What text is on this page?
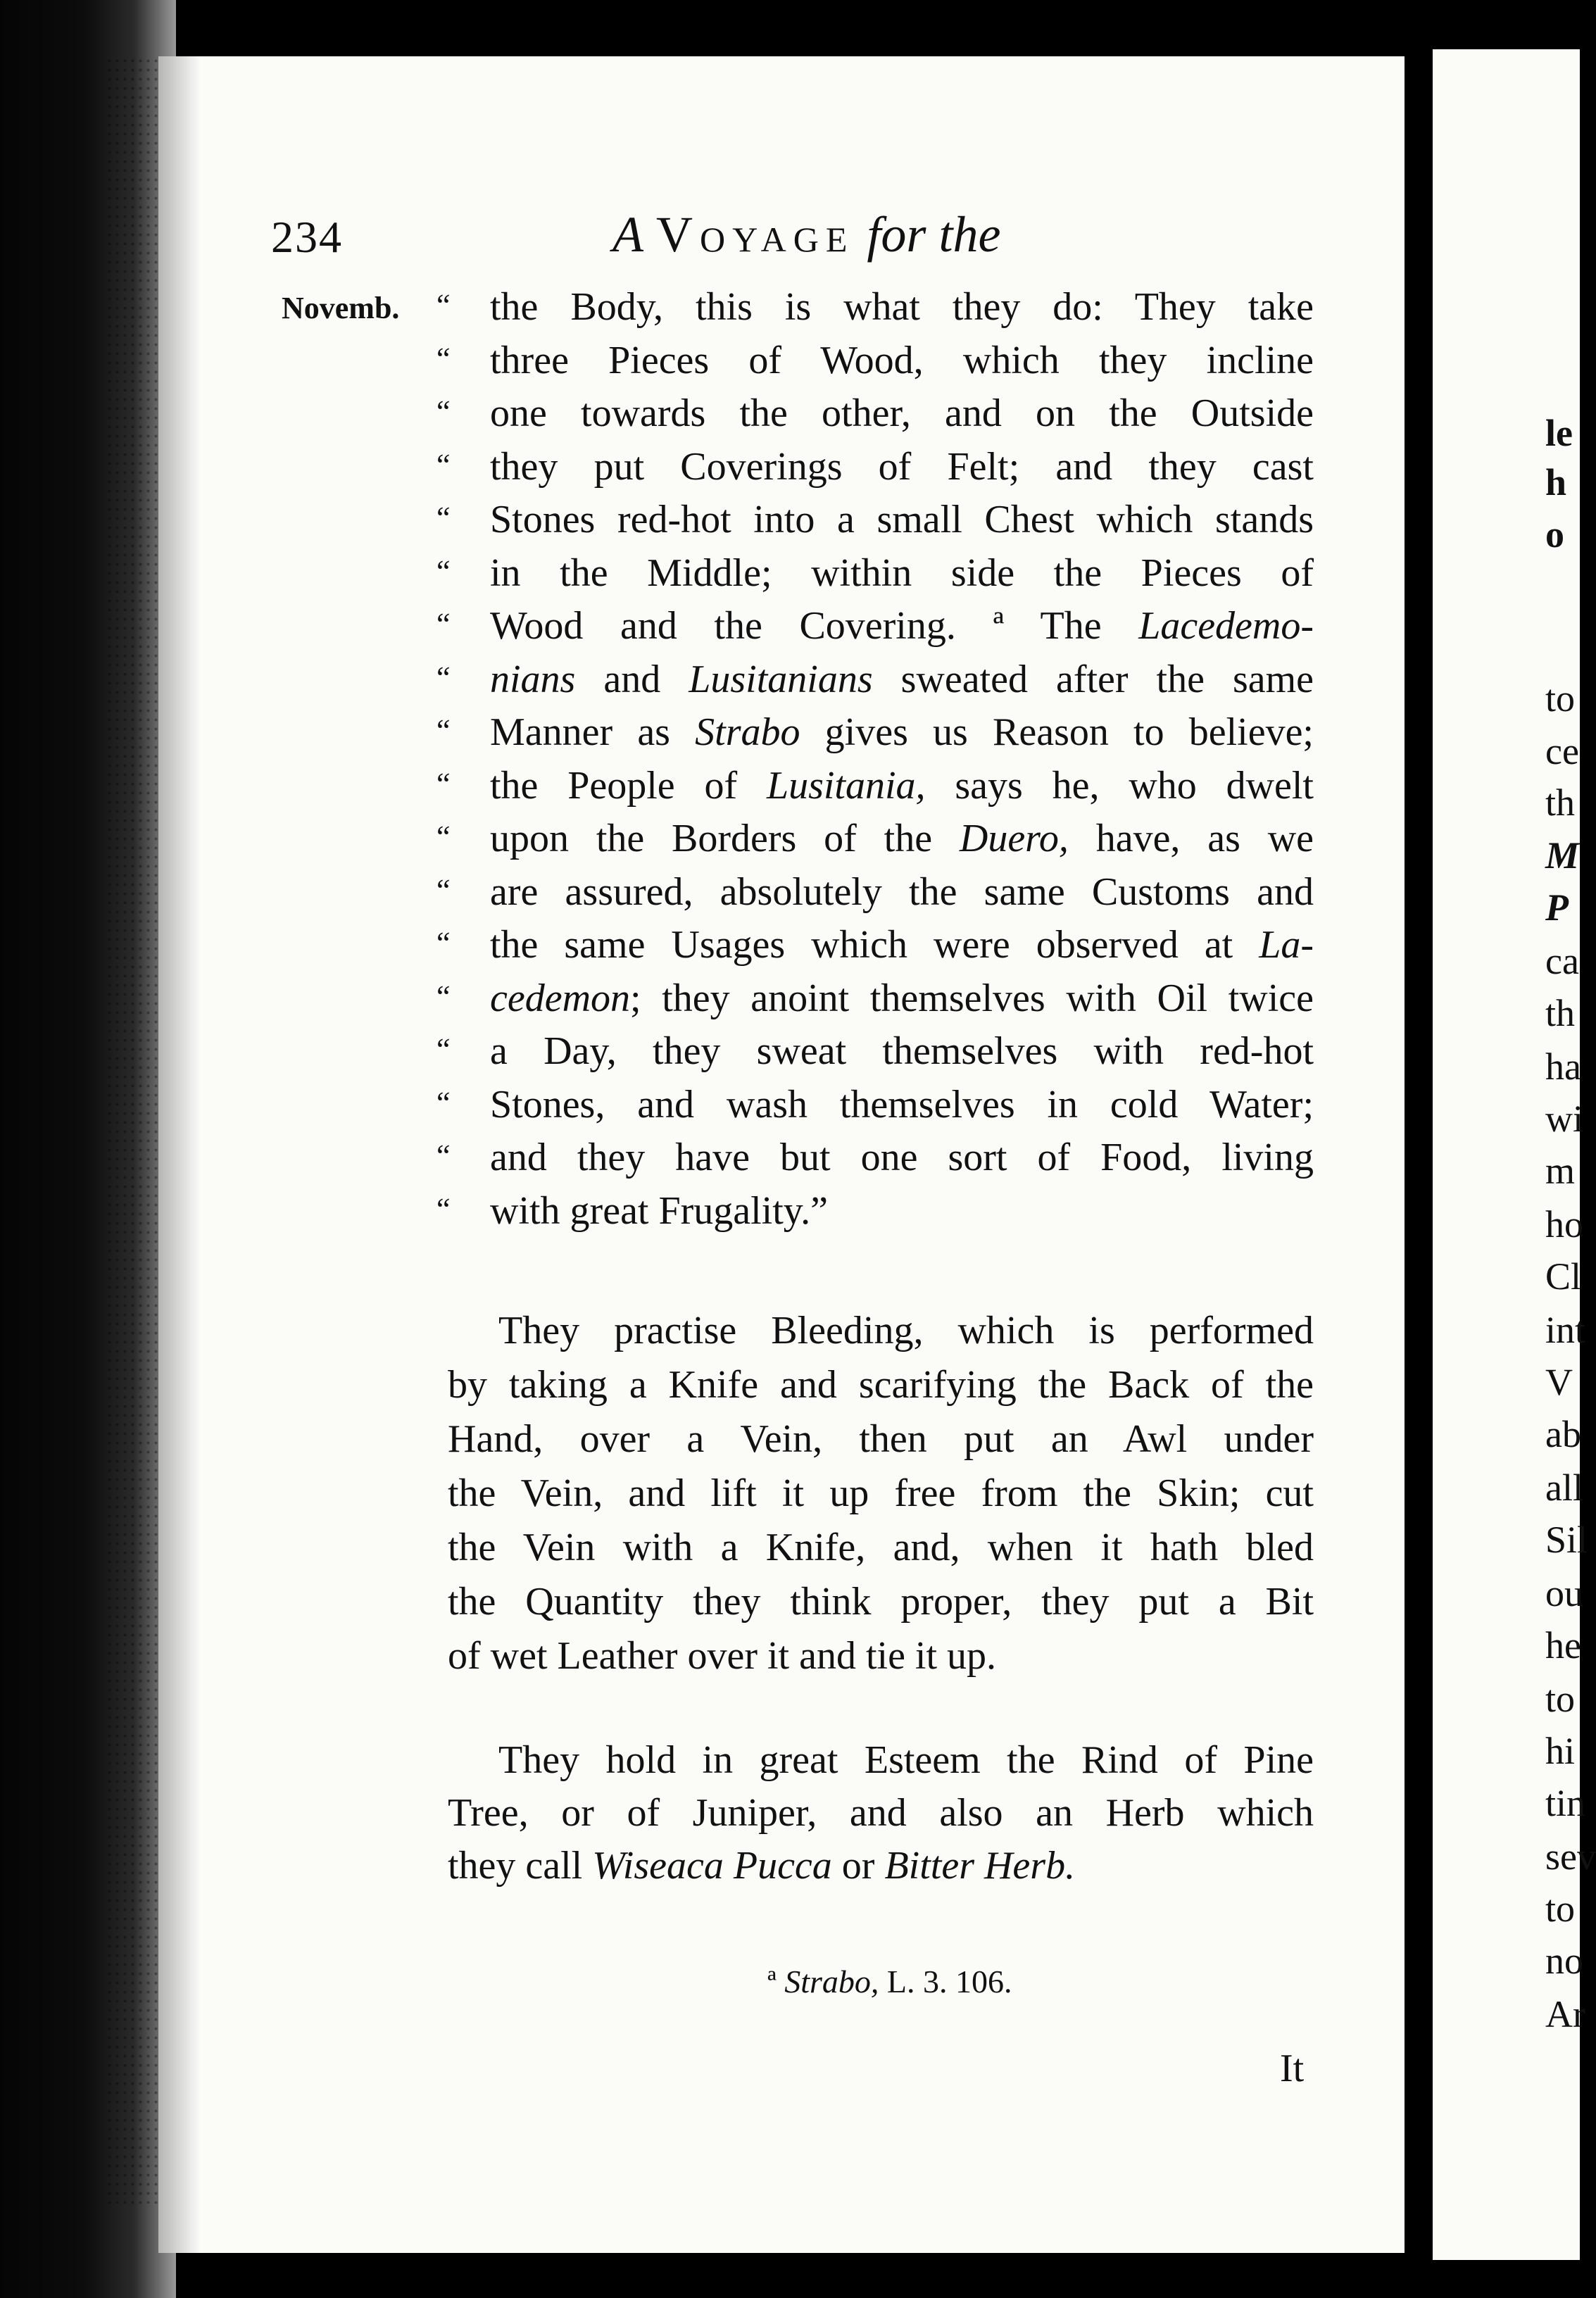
le
h
o
to
ce
th
M
P
ca
th
ha
wi
m
ho
Cl
int
V
ab
all
Sil
ou
he
to
hi
tin
sev
to
no
Ar
234	A Voyage for the
Novemb. “ the Body, this is what they do: They take
“ three Pieces of Wood, which they incline
“ one towards the other, and on the Outside
“ they put Coverings of Felt; and they cast
“ Stones red-hot into a small Chest which stands
“ in the Middle; within side the Pieces of
“ Wood and the Covering. ª The Lacedemo-
“ nians and Lusitanians sweated after the same
“ Manner as Strabo gives us Reason to believe;
“ the People of Lusitania, says he, who dwelt
“ upon the Borders of the Duero, have, as we
“ are assured, absolutely the same Customs and
“ the same Usages which were observed at La-
“ cedemon; they anoint themselves with Oil twice
“ a Day, they sweat themselves with red-hot
“ Stones, and wash themselves in cold Water;
“ and they have but one sort of Food, living
“ with great Frugality.”
They practise Bleeding, which is performed
by taking a Knife and scarifying the Back of the
Hand, over a Vein, then put an Awl under
the Vein, and lift it up free from the Skin; cut
the Vein with a Knife, and, when it hath bled
the Quantity they think proper, they put a Bit
of wet Leather over it and tie it up.
They hold in great Esteem the Rind of Pine
Tree, or of Juniper, and also an Herb which
they call Wiseaca Pucca or Bitter Herb.
ª Strabo, L. 3. 106.
It
